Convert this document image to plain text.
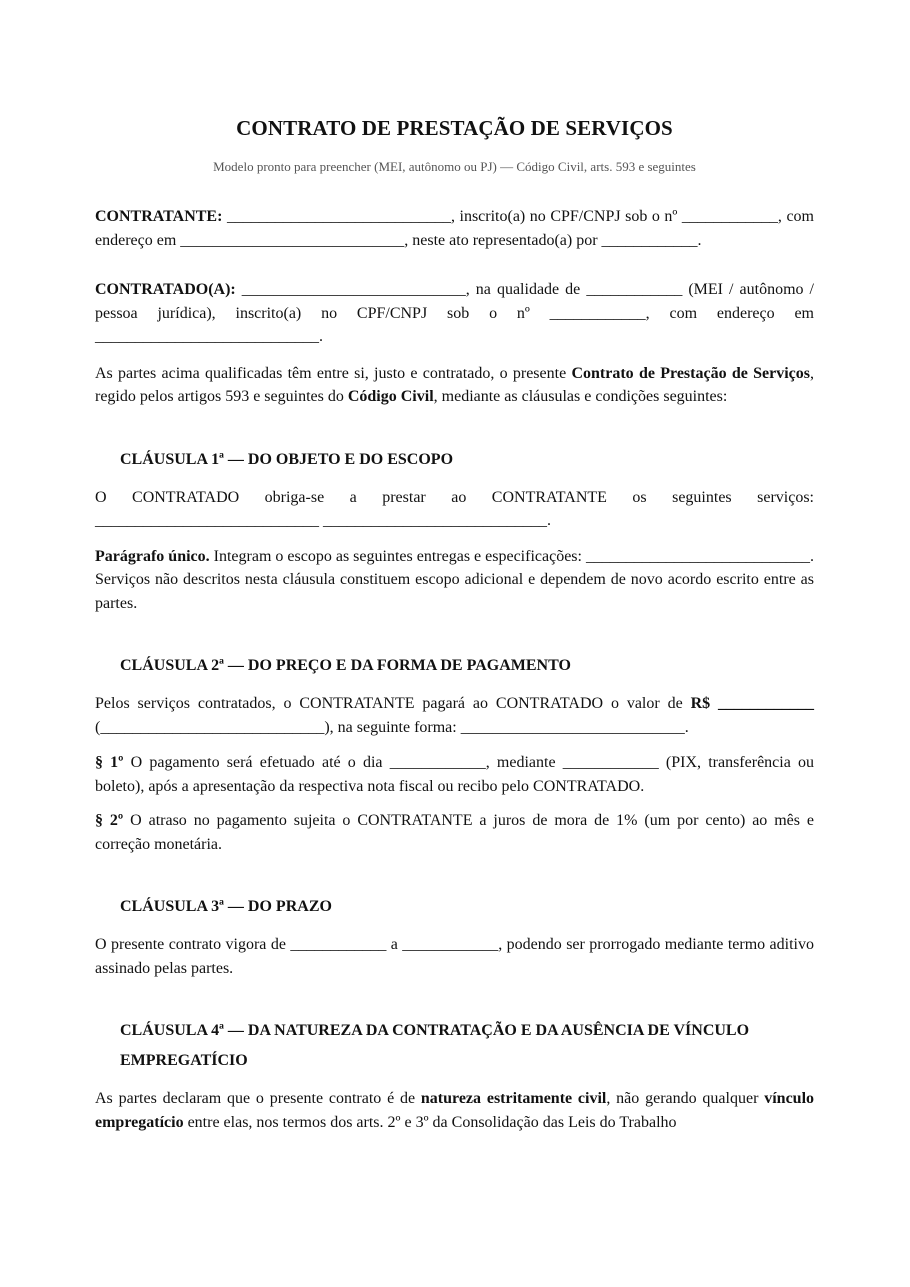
CONTRATO DE PRESTAÇÃO DE SERVIÇOS
Modelo pronto para preencher (MEI, autônomo ou PJ) — Código Civil, arts. 593 e seguintes

CONTRATANTE: ____________________________, inscrito(a) no CPF/CNPJ sob o nº ____________, com endereço em ____________________________, neste ato representado(a) por ____________.

CONTRATADO(A): ____________________________, na qualidade de ____________ (MEI / autônomo / pessoa jurídica), inscrito(a) no CPF/CNPJ sob o nº ____________, com endereço em ____________________________.

As partes acima qualificadas têm entre si, justo e contratado, o presente Contrato de Prestação de Serviços, regido pelos artigos 593 e seguintes do Código Civil, mediante as cláusulas e condições seguintes:

CLÁUSULA 1ª — DO OBJETO E DO ESCOPO

O CONTRATADO obriga-se a prestar ao CONTRATANTE os seguintes serviços: ____________________________ ____________________________.

Parágrafo único. Integram o escopo as seguintes entregas e especificações: ____________________________. Serviços não descritos nesta cláusula constituem escopo adicional e dependem de novo acordo escrito entre as partes.

CLÁUSULA 2ª — DO PREÇO E DA FORMA DE PAGAMENTO

Pelos serviços contratados, o CONTRATANTE pagará ao CONTRATADO o valor de R$ ____________ (____________________________), na seguinte forma: ____________________________.

§ 1º O pagamento será efetuado até o dia ____________, mediante ____________ (PIX, transferência ou boleto), após a apresentação da respectiva nota fiscal ou recibo pelo CONTRATADO.

§ 2º O atraso no pagamento sujeita o CONTRATANTE a juros de mora de 1% (um por cento) ao mês e correção monetária.

CLÁUSULA 3ª — DO PRAZO

O presente contrato vigora de ____________ a ____________, podendo ser prorrogado mediante termo aditivo assinado pelas partes.

CLÁUSULA 4ª — DA NATUREZA DA CONTRATAÇÃO E DA AUSÊNCIA DE VÍNCULO EMPREGATÍCIO

As partes declaram que o presente contrato é de natureza estritamente civil, não gerando qualquer vínculo empregatício entre elas, nos termos dos arts. 2º e 3º da Consolidação das Leis do Trabalho
